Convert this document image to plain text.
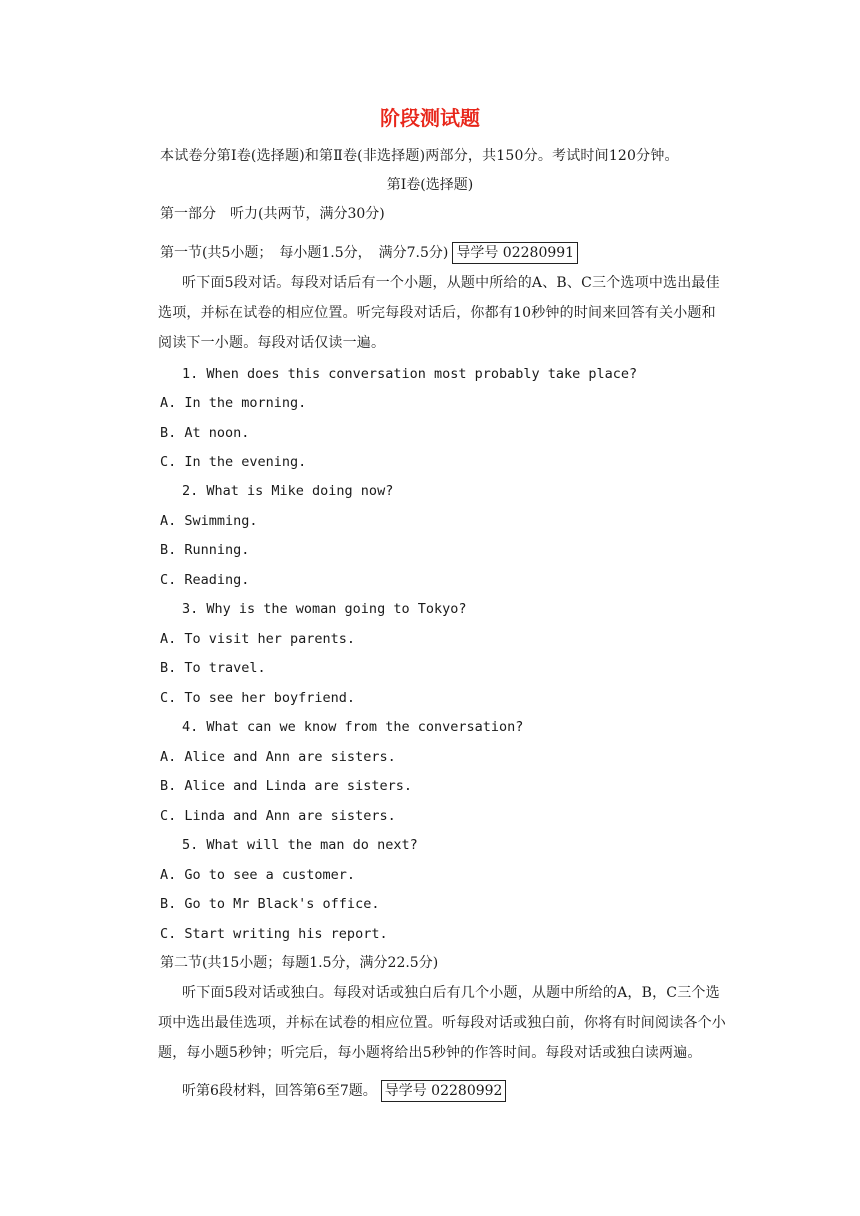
阶段测试题
本试卷分第Ⅰ卷(选择题)和第Ⅱ卷(非选择题)两部分，共150分。考试时间120分钟。
第Ⅰ卷(选择题)
第一部分　听力(共两节，满分30分)
第一节(共5小题；　每小题1.5分，　满分7.5分) 导学号 02280991
听下面5段对话。每段对话后有一个小题，从题中所给的A、B、C三个选项中选出最佳
选项，并标在试卷的相应位置。听完每段对话后，你都有10秒钟的时间来回答有关小题和
阅读下一小题。每段对话仅读一遍。
1. When does this conversation most probably take place?
A. In the morning.
B. At noon.
C. In the evening.
2. What is Mike doing now?
A. Swimming.
B. Running.
C. Reading.
3. Why is the woman going to Tokyo?
A. To visit her parents.
B. To travel.
C. To see her boyfriend.
4. What can we know from the conversation?
A. Alice and Ann are sisters.
B. Alice and Linda are sisters.
C. Linda and Ann are sisters.
5. What will the man do next?
A. Go to see a customer.
B. Go to Mr Black's office.
C. Start writing his report.
第二节(共15小题；每题1.5分，满分22.5分)
听下面5段对话或独白。每段对话或独白后有几个小题，从题中所给的A，B，C三个选
项中选出最佳选项，并标在试卷的相应位置。听每段对话或独白前，你将有时间阅读各个小
题，每小题5秒钟；听完后，每小题将给出5秒钟的作答时间。每段对话或独白读两遍。
听第6段材料，回答第6至7题。 导学号 02280992
